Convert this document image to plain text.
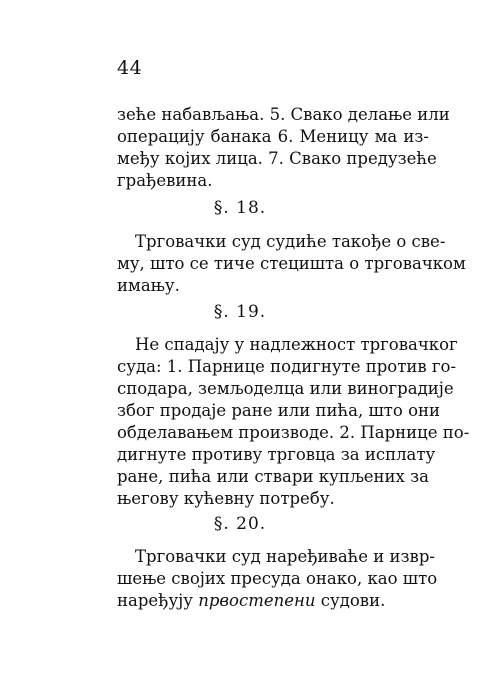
44
зеће набављања. 5. Свако делање или
операцију банака 6. Меницу ма из-
међу којих лица. 7. Свако предузеће
грађевина.
§. 18.
Трговачки суд судиће такође о све-
му, што се тиче стецишта о трговачком
имању.
§. 19.
Не спадају у надлежност трговачког
суда: 1. Парнице подигнуте против го-
сподара, земљоделца или виноградије
због продаје ране или пића, што они
обделавањем производе. 2. Парнице по-
дигнуте противу трговца за исплату
ране, пића или ствари купљених за
његову кућевну потребу.
§. 20.
Трговачки суд наређиваће и извр-
шење својих пресуда онако, као што
наређују првостепени судови.
